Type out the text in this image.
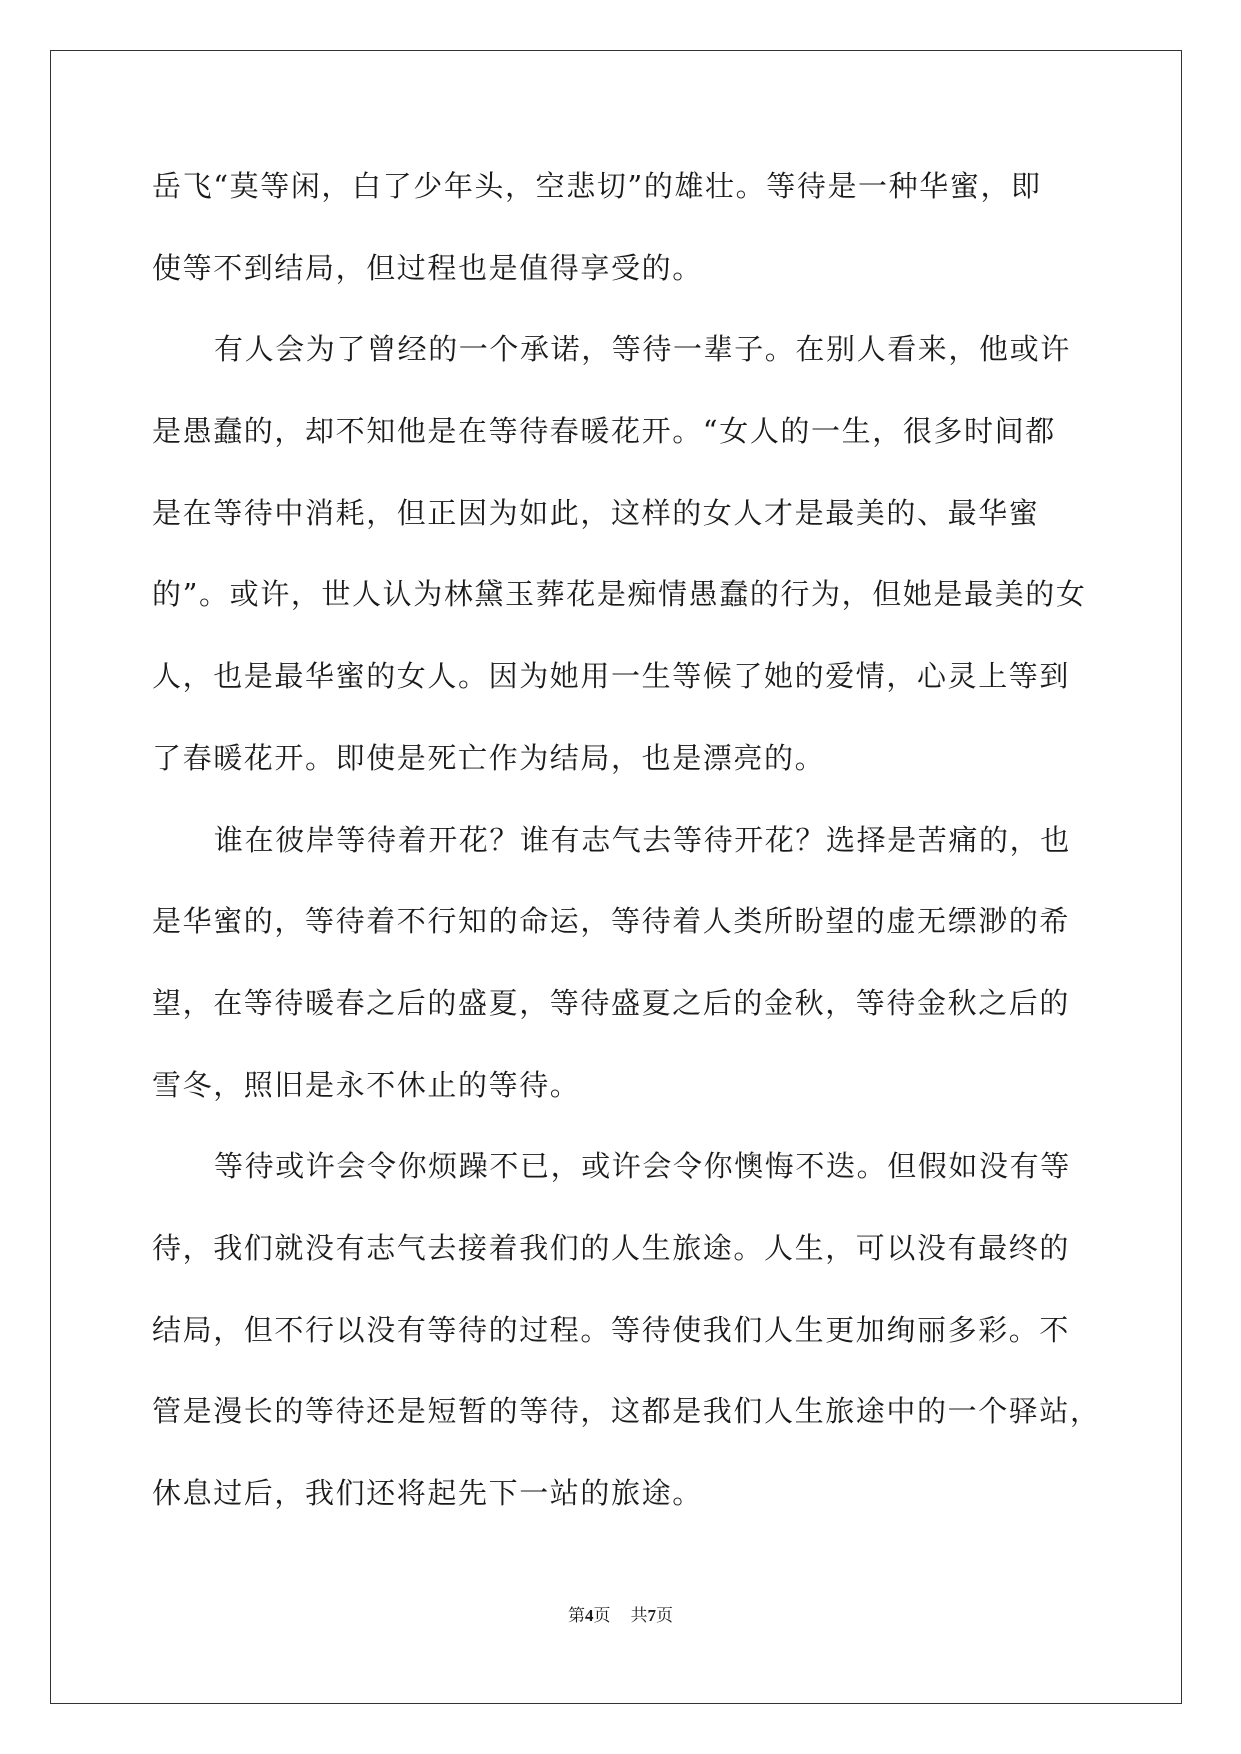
岳飞“莫等闲，白了少年头，空悲切”的雄壮。等待是一种华蜜，即
使等不到结局，但过程也是值得享受的。
有人会为了曾经的一个承诺，等待一辈子。在别人看来，他或许
是愚蠢的，却不知他是在等待春暖花开。“女人的一生，很多时间都
是在等待中消耗，但正因为如此，这样的女人才是最美的、最华蜜
的”。或许，世人认为林黛玉葬花是痴情愚蠢的行为，但她是最美的女
人，也是最华蜜的女人。因为她用一生等候了她的爱情，心灵上等到
了春暖花开。即使是死亡作为结局，也是漂亮的。
谁在彼岸等待着开花？谁有志气去等待开花？选择是苦痛的，也
是华蜜的，等待着不行知的命运，等待着人类所盼望的虚无缥渺的希
望，在等待暖春之后的盛夏，等待盛夏之后的金秋，等待金秋之后的
雪冬，照旧是永不休止的等待。
等待或许会令你烦躁不已，或许会令你懊悔不迭。但假如没有等
待，我们就没有志气去接着我们的人生旅途。人生，可以没有最终的
结局，但不行以没有等待的过程。等待使我们人生更加绚丽多彩。不
管是漫长的等待还是短暂的等待，这都是我们人生旅途中的一个驿站，
休息过后，我们还将起先下一站的旅途。
第4页 共7页
